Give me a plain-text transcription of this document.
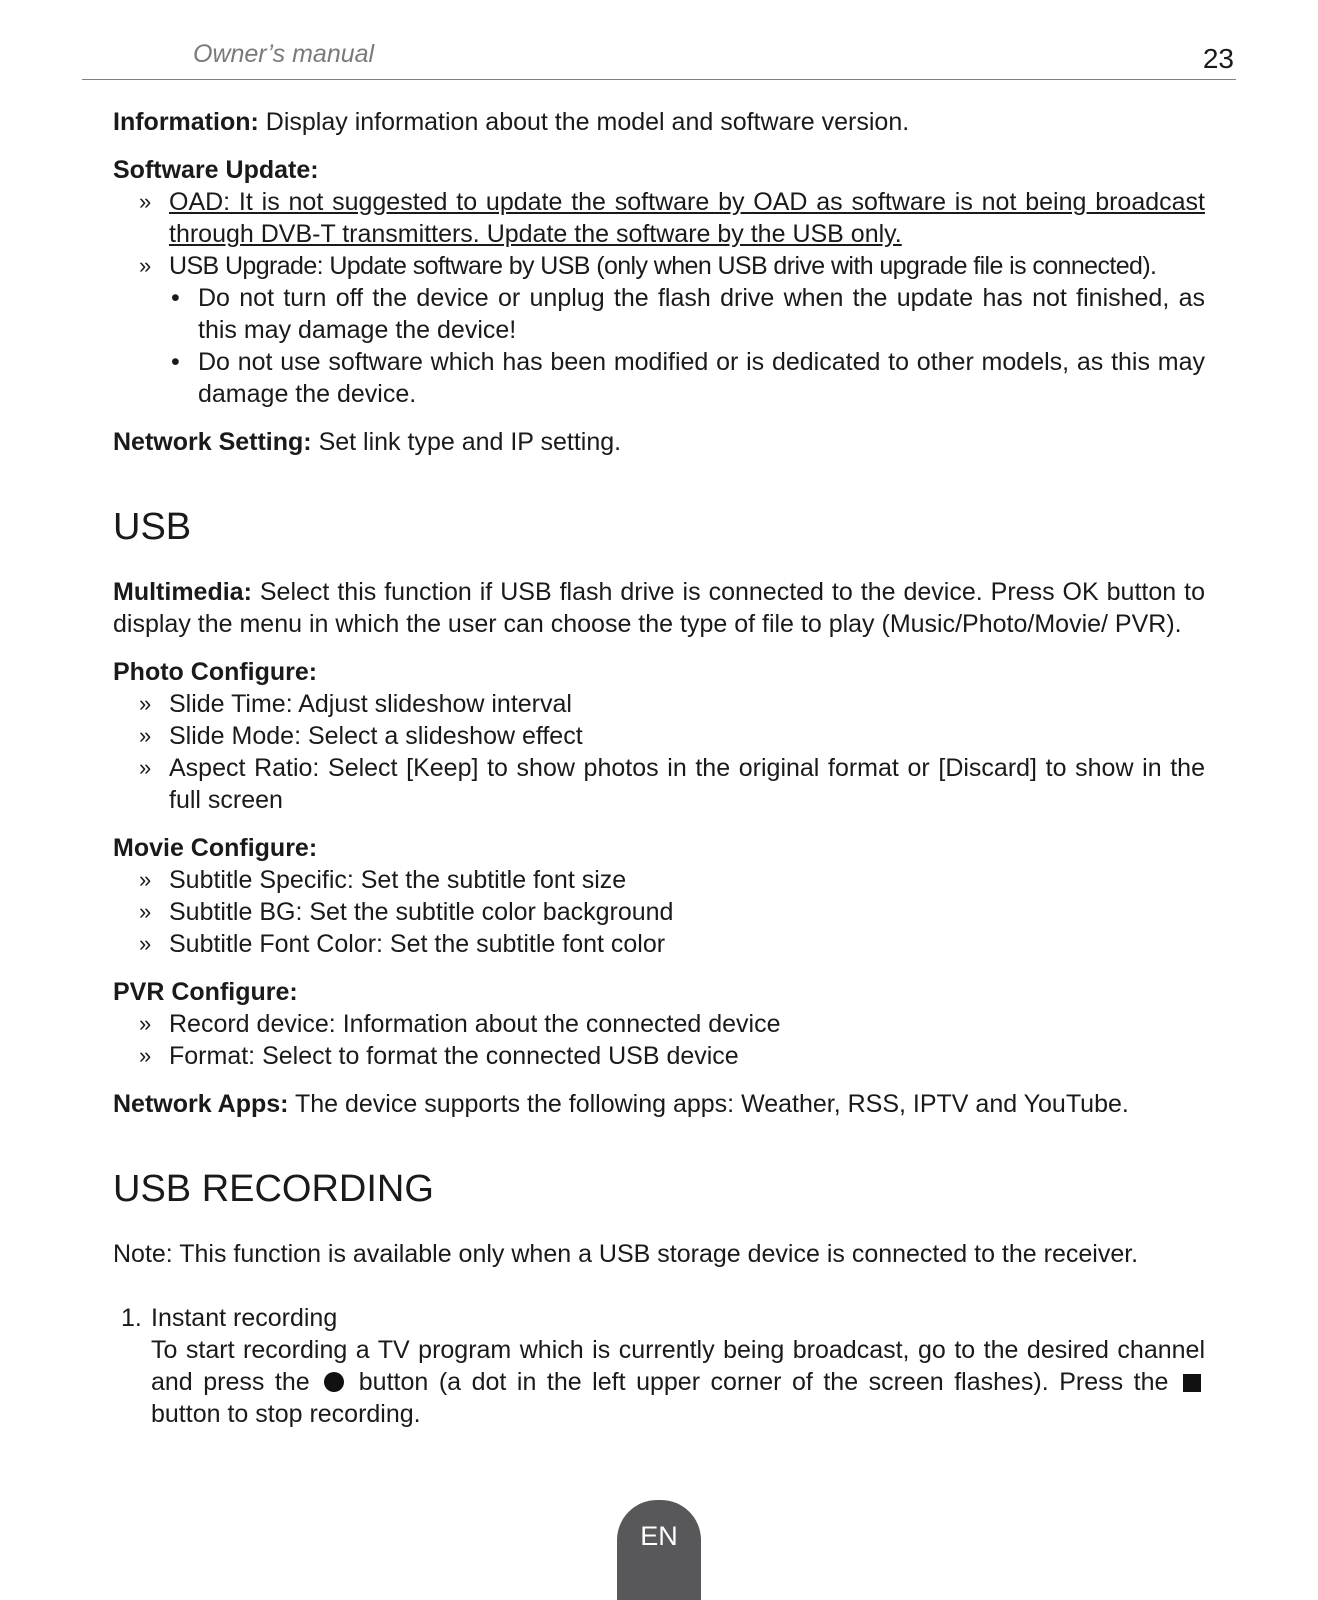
Owner’s manual	23

Information: Display information about the model and software version.

Software Update:

» OAD: It is not suggested to update the software by OAD as software is not being broadcast through DVB-T transmitters. Update the software by the USB only.
» USB Upgrade: Update software by USB (only when USB drive with upgrade file is connected).
• Do not turn off the device or unplug the flash drive when the update has not finished, as this may damage the device!
• Do not use software which has been modified or is dedicated to other models, as this may damage the device.

Network Setting: Set link type and IP setting.

USB

Multimedia: Select this function if USB flash drive is connected to the device. Press OK button to display the menu in which the user can choose the type of file to play (Music/Photo/Movie/ PVR).

Photo Configure:

» Slide Time: Adjust slideshow interval
» Slide Mode: Select a slideshow effect
» Aspect Ratio: Select [Keep] to show photos in the original format or [Discard] to show in the full screen

Movie Configure:

» Subtitle Specific: Set the subtitle font size
» Subtitle BG: Set the subtitle color background
» Subtitle Font Color: Set the subtitle font color

PVR Configure:

» Record device: Information about the connected device
» Format: Select to format the connected USB device

Network Apps: The device supports the following apps: Weather, RSS, IPTV and YouTube.

USB RECORDING

Note: This function is available only when a USB storage device is connected to the receiver.

1. Instant recording

To start recording a TV program which is currently being broadcast, go to the desired channel and press the button (a dot in the left upper corner of the screen flashes). Press the  button to stop recording.

EN
